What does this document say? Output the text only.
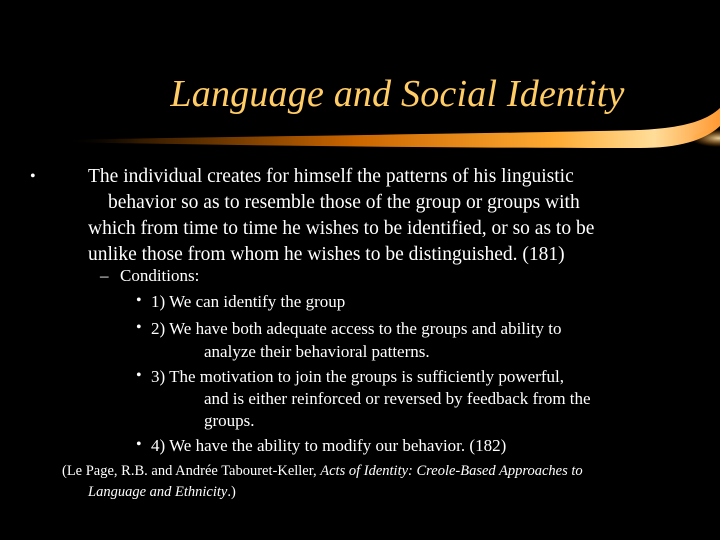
Language and Social Identity
•	The individual creates for himself the patterns of his linguistic
behavior so as to resemble those of the group or groups with
which from time to time he wishes to be identified, or so as to be
unlike those from whom he wishes to be distinguished. (181)
– Conditions:
• 1) We can identify the group
• 2) We have both adequate access to the groups and ability to
analyze their behavioral patterns.
• 3) The motivation to join the groups is sufficiently powerful,
and is either reinforced or reversed by feedback from the
groups.
• 4) We have the ability to modify our behavior. (182)
(Le Page, R.B. and Andrée Tabouret-Keller, Acts of Identity: Creole-Based Approaches to
Language and Ethnicity.)
